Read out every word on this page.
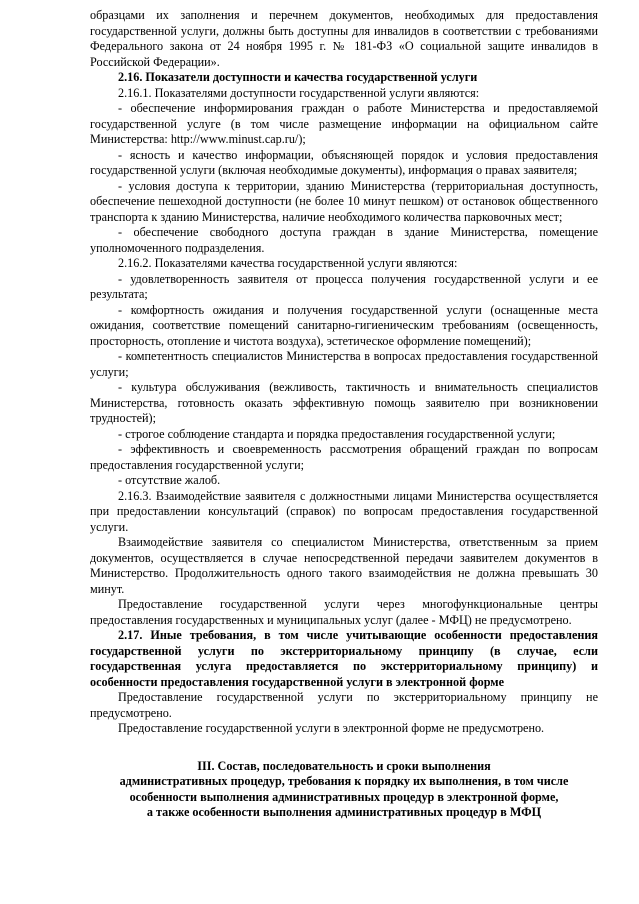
образцами их заполнения и перечнем документов, необходимых для предоставления государственной услуги, должны быть доступны для инвалидов в соответствии с требованиями Федерального закона от 24 ноября 1995 г. № 181-ФЗ «О социальной защите инвалидов в Российской Федерации».

2.16. Показатели доступности и качества государственной услуги

2.16.1. Показателями доступности государственной услуги являются:

- обеспечение информирования граждан о работе Министерства и предоставляемой государственной услуге (в том числе размещение информации на официальном сайте Министерства: http://www.minust.cap.ru/);

- ясность и качество информации, объясняющей порядок и условия предоставления государственной услуги (включая необходимые документы), информация о правах заявителя;

- условия доступа к территории, зданию Министерства (территориальная доступность, обеспечение пешеходной доступности (не более 10 минут пешком) от остановок общественного транспорта к зданию Министерства, наличие необходимого количества парковочных мест;

- обеспечение свободного доступа граждан в здание Министерства, помещение уполномоченного подразделения.

2.16.2. Показателями качества государственной услуги являются:

- удовлетворенность заявителя от процесса получения государственной услуги и ее результата;

- комфортность ожидания и получения государственной услуги (оснащенные места ожидания, соответствие помещений санитарно-гигиеническим требованиям (освещенность, просторность, отопление и чистота воздуха), эстетическое оформление помещений);

- компетентность специалистов Министерства в вопросах предоставления государственной услуги;

- культура обслуживания (вежливость, тактичность и внимательность специалистов Министерства, готовность оказать эффективную помощь заявителю при возникновении трудностей);

- строгое соблюдение стандарта и порядка предоставления государственной услуги;

- эффективность и своевременность рассмотрения обращений граждан по вопросам предоставления государственной услуги;

- отсутствие жалоб.

2.16.3. Взаимодействие заявителя с должностными лицами Министерства осуществляется при предоставлении консультаций (справок) по вопросам предоставления государственной услуги.

Взаимодействие заявителя со специалистом Министерства, ответственным за прием документов, осуществляется в случае непосредственной передачи заявителем документов в Министерство. Продолжительность одного такого взаимодействия не должна превышать 30 минут.

Предоставление государственной услуги через многофункциональные центры предоставления государственных и муниципальных услуг (далее - МФЦ) не предусмотрено.

2.17. Иные требования, в том числе учитывающие особенности предоставления государственной услуги по экстерриториальному принципу (в случае, если государственная услуга предоставляется по экстерриториальному принципу) и особенности предоставления государственной услуги в электронной форме

Предоставление государственной услуги по экстерриториальному принципу не предусмотрено.

Предоставление государственной услуги в электронной форме не предусмотрено.

III. Состав, последовательность и сроки выполнения

административных процедур, требования к порядку их выполнения, в том числе

особенности выполнения административных процедур в электронной форме,

а также особенности выполнения административных процедур в МФЦ
